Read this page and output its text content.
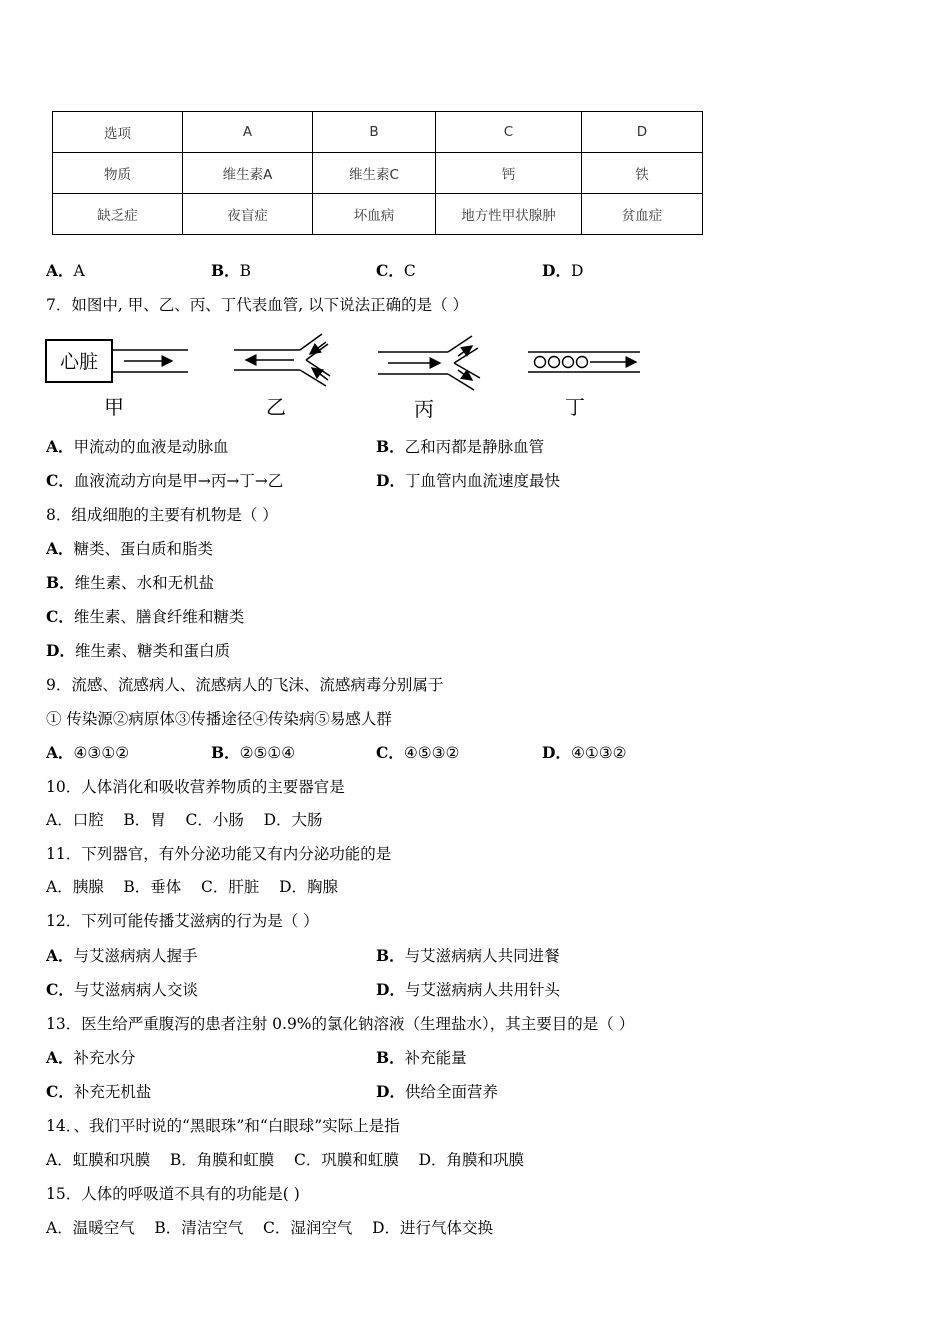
选项	A	B	C	D
物质	维生素A	维生素C	钙	铁
缺乏症	夜盲症	坏血病	地方性甲状腺肿	贫血症
A．A	B．B	C．C	D．D
7．如图中, 甲、乙、丙、丁代表血管, 以下说法正确的是（ ）
心脏
甲	乙	丙	丁
A．甲流动的血液是动脉血	B．乙和丙都是静脉血管
C．血液流动方向是甲→丙→丁→乙	D．丁血管内血流速度最快
8．组成细胞的主要有机物是（ ）
A．糖类、蛋白质和脂类
B．维生素、水和无机盐
C．维生素、膳食纤维和糖类
D．维生素、糖类和蛋白质
9．流感、流感病人、流感病人的飞沫、流感病毒分别属于
① 传染源②病原体③传播途径④传染病⑤易感人群
A．④③①②	B．②⑤①④	C．④⑤③②	D．④①③②
10．人体消化和吸收营养物质的主要器官是
A．口腔    B．胃    C．小肠    D．大肠
11．下列器官，有外分泌功能又有内分泌功能的是
A．胰腺    B．垂体    C．肝脏    D．胸腺
12．下列可能传播艾滋病的行为是（ ）
A．与艾滋病病人握手	B．与艾滋病病人共同进餐
C．与艾滋病病人交谈	D．与艾滋病病人共用针头
13．医生给严重腹泻的患者注射 0.9%的氯化钠溶液（生理盐水），其主要目的是（ ）
A．补充水分	B．补充能量
C．补充无机盐	D．供给全面营养
14．、我们平时说的“黑眼珠”和“白眼球”实际上是指
A．虹膜和巩膜    B．角膜和虹膜    C．巩膜和虹膜    D．角膜和巩膜
15．人体的呼吸道不具有的功能是( )
A．温暖空气    B．清洁空气    C．湿润空气    D．进行气体交换
